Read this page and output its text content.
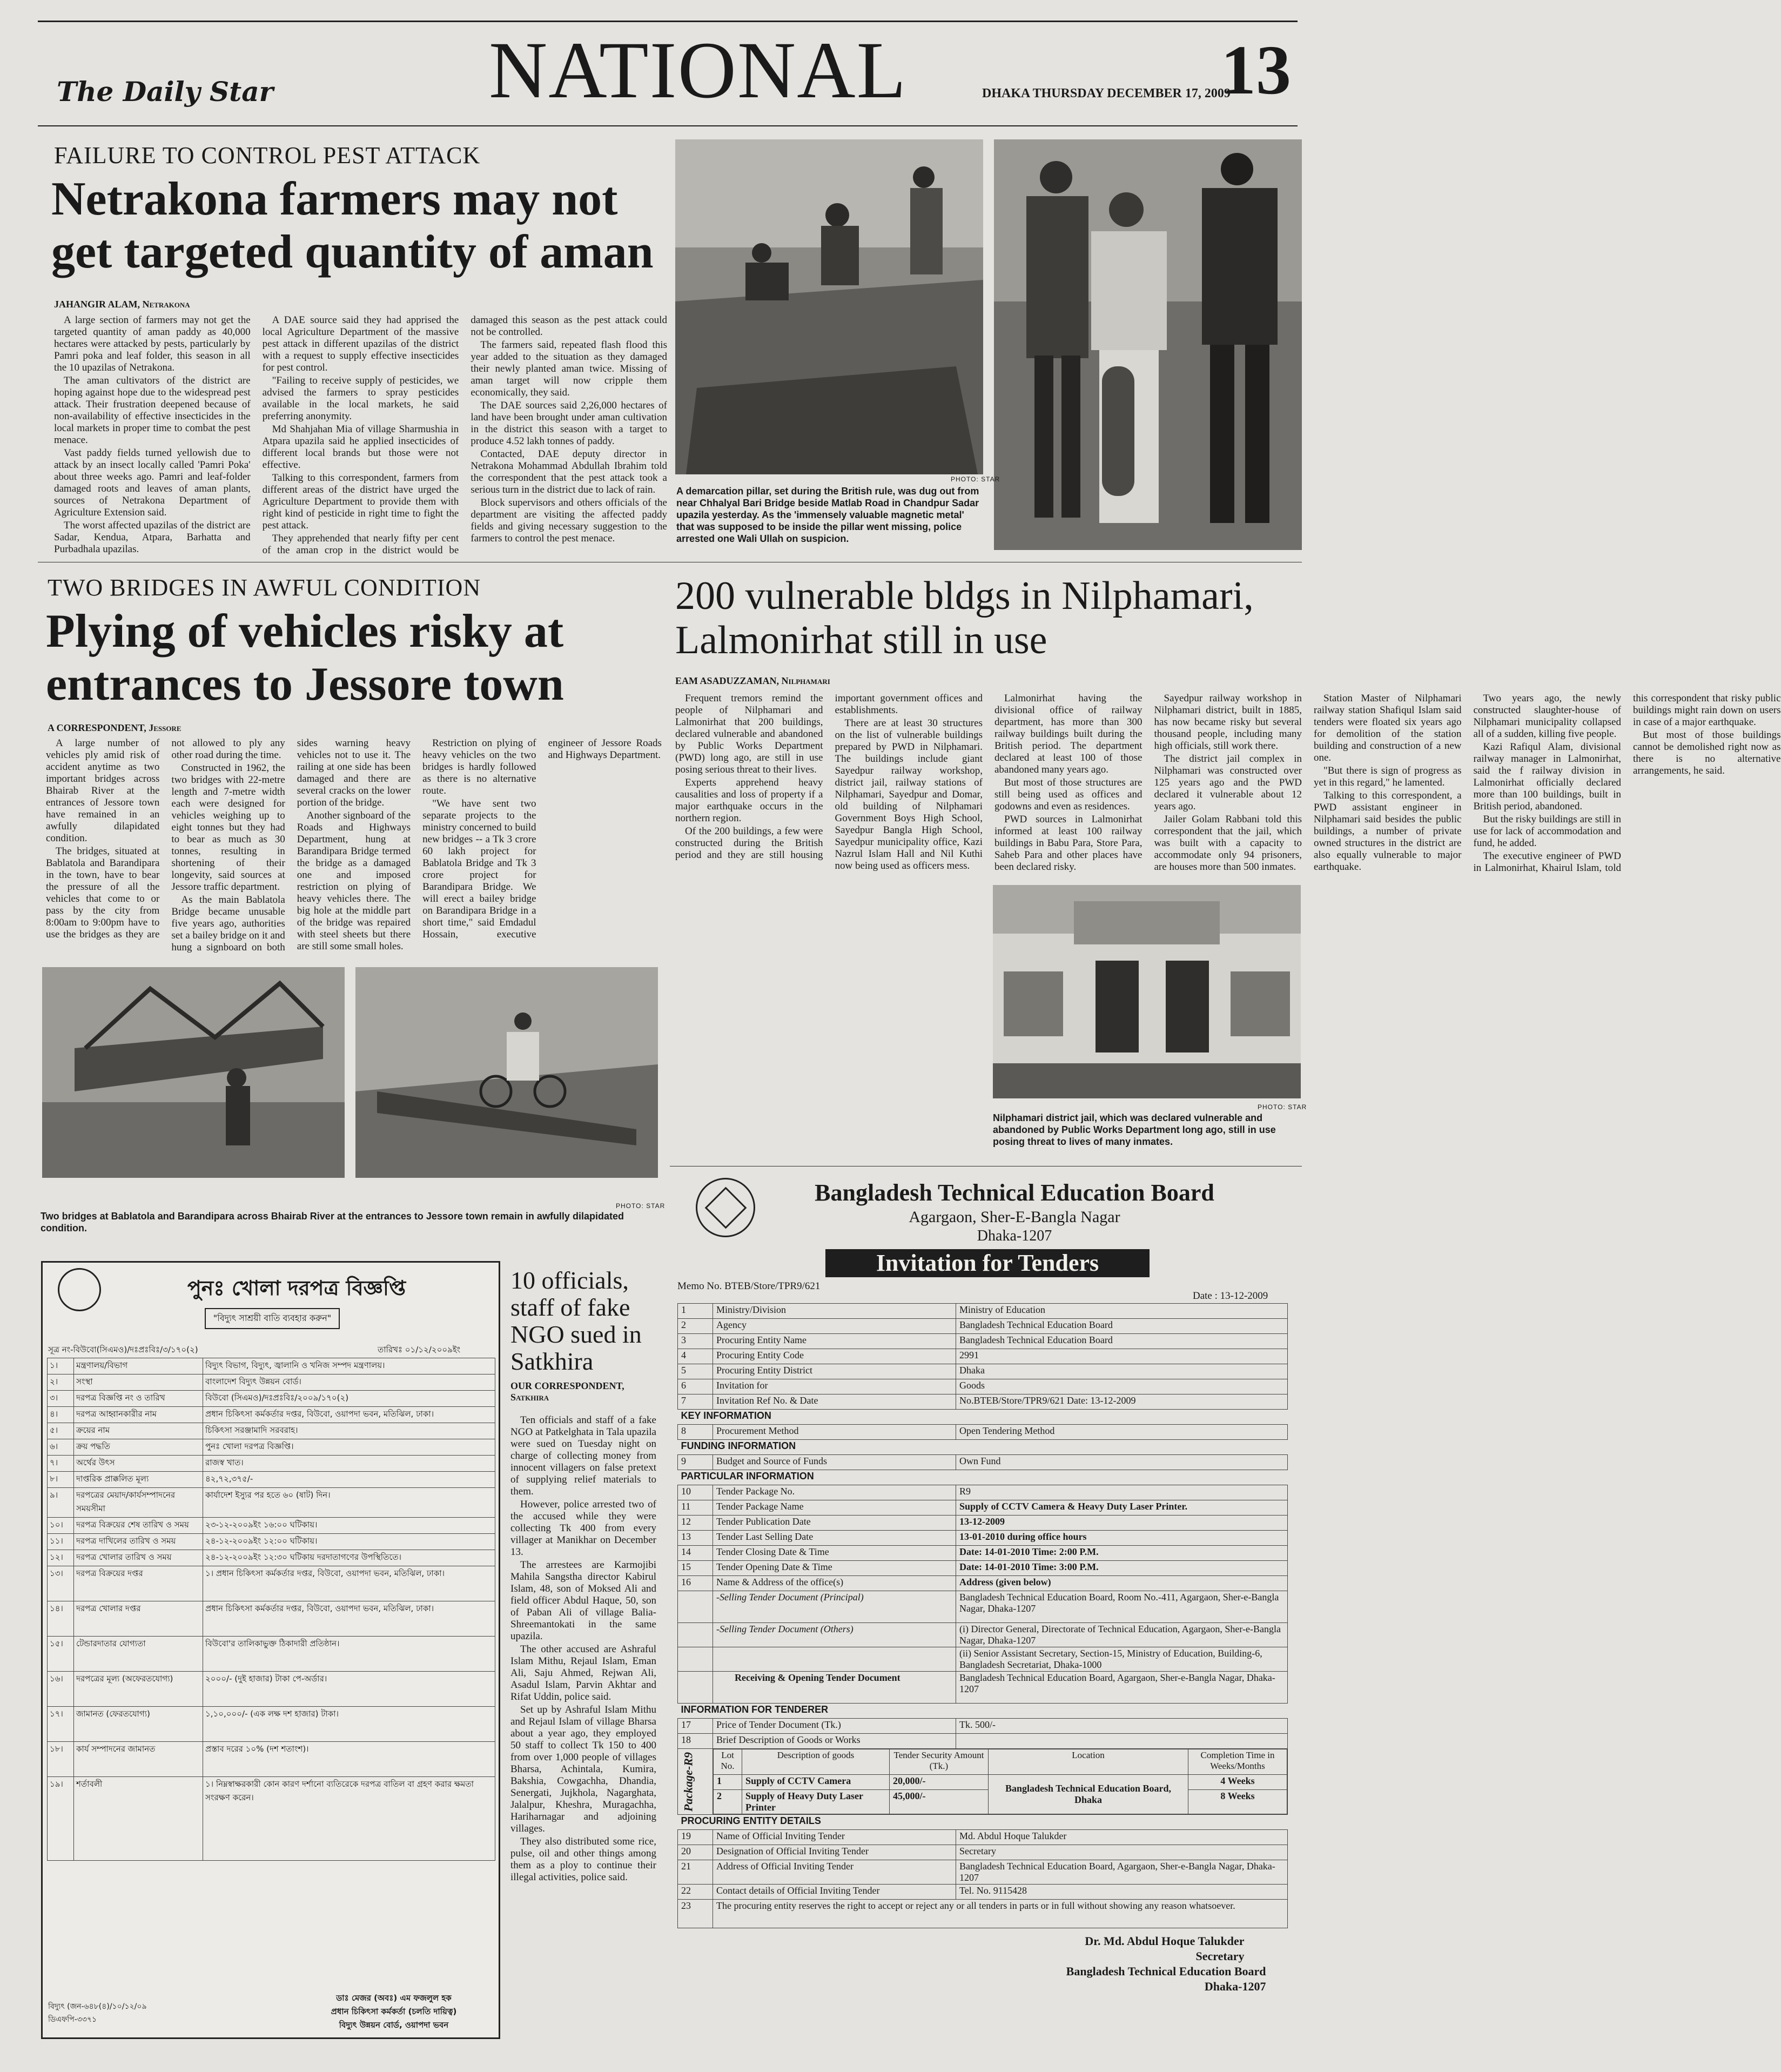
The Daily Star	NATIONAL	DHAKA THURSDAY DECEMBER 17, 2009
13
FAILURE TO CONTROL PEST ATTACK
Netrakona farmers may not get targeted quantity of aman
JAHANGIR ALAM, Netrakona

A large section of farmers may not get the targeted quantity of aman paddy as 40,000 hectares were attacked by pests, particularly by Pamri poka and leaf folder, this season in all the 10 upazilas of Netrakona.

The aman cultivators of the district are hoping against hope due to the widespread pest attack. Their frustration deepened because of non-availability of effective insecticides in the local markets in proper time to combat the pest menace.

Vast paddy fields turned yellowish due to attack by an insect locally called 'Pamri Poka' about three weeks ago. Pamri and leaf-folder damaged roots and leaves of aman plants, sources of Netrakona Department of Agriculture Extension said.

The worst affected upazilas of the district are Sadar, Kendua, Atpara, Barhatta and Purbadhala upazilas.

A DAE source said they had apprised the local Agriculture Department of the massive pest attack in different upazilas of the district with a request to supply effective insecticides for pest control.

"Failing to receive supply of pesticides, we advised the farmers to spray pesticides available in the local markets, he said preferring anonymity.

Md Shahjahan Mia of village Sharmushia in Atpara upazila said he applied insecticides of different local brands but those were not effective.

Talking to this correspondent, farmers from different areas of the district have urged the Agriculture Department to provide them with right kind of pesticide in right time to fight the pest attack.

They apprehended that nearly fifty per cent of the aman crop in the district would be damaged this season as the pest attack could not be controlled.

The farmers said, repeated flash flood this year added to the situation as they damaged their newly planted aman twice. Missing of aman target will now cripple them economically, they said.

The DAE sources said 2,26,000 hectares of land have been brought under aman cultivation in the district this season with a target to produce 4.52 lakh tonnes of paddy.

Contacted, DAE deputy director in Netrakona Mohammad Abdullah Ibrahim told the correspondent that the pest attack took a serious turn in the district due to lack of rain.

Block supervisors and others officials of the department are visiting the affected paddy fields and giving necessary suggestion to the farmers to control the pest menace.

PHOTO: STAR
A demarcation pillar, set during the British rule, was dug out from near Chhalyal Bari Bridge beside Matlab Road in Chandpur Sadar upazila yesterday. As the 'immensely valuable magnetic metal' that was supposed to be inside the pillar went missing, police arrested one Wali Ullah on suspicion.
TWO BRIDGES IN AWFUL CONDITION
Plying of vehicles risky at entrances to Jessore town
A CORRESPONDENT, Jessore

A large number of vehicles ply amid risk of accident anytime as two important bridges across Bhairab River at the entrances of Jessore town have remained in an awfully dilapidated condition.

The bridges, situated at Bablatola and Barandipara in the town, have to bear the pressure of all the vehicles that come to or pass by the city from 8:00am to 9:00pm have to use the bridges as they are not allowed to ply any other road during the time.

Constructed in 1962, the two bridges with 22-metre length and 7-metre width each were designed for vehicles weighing up to eight tonnes but they had to bear as much as 30 tonnes, resulting in shortening of their longevity, said sources at Jessore traffic department.

As the main Bablatola Bridge became unusable five years ago, authorities set a bailey bridge on it and hung a signboard on both sides warning heavy vehicles not to use it. The railing at one side has been damaged and there are several cracks on the lower portion of the bridge.

Another signboard of the Roads and Highways Department, hung at Barandipara Bridge termed the bridge as a damaged one and imposed restriction on plying of heavy vehicles there. The big hole at the middle part of the bridge was repaired with steel sheets but there are still some small holes.

Restriction on plying of heavy vehicles on the two bridges is hardly followed as there is no alternative route.

"We have sent two separate projects to the ministry concerned to build new bridges -- a Tk 3 crore 60 lakh project for Bablatola Bridge and Tk 3 crore project for Barandipara Bridge. We will erect a bailey bridge on Barandipara Bridge in a short time," said Emdadul Hossain, executive engineer of Jessore Roads and Highways Department.

PHOTO: STAR
Two bridges at Bablatola and Barandipara across Bhairab River at the entrances to Jessore town remain in awfully dilapidated condition.
200 vulnerable bldgs in Nilphamari, Lalmonirhat still in use
EAM ASADUZZAMAN, Nilphamari

Frequent tremors remind the people of Nilphamari and Lalmonirhat that 200 buildings, declared vulnerable and abandoned by Public Works Department (PWD) long ago, are still in use posing serious threat to their lives.

Experts apprehend heavy causalities and loss of property if a major earthquake occurs in the northern region.

Of the 200 buildings, a few were constructed during the British period and they are still housing important government offices and establishments.

There are at least 30 structures on the list of vulnerable buildings prepared by PWD in Nilphamari. The buildings include giant Sayedpur railway workshop, district jail, railway stations of Nilphamari, Sayedpur and Domar, old building of Nilphamari Government Boys High School, Sayedpur Bangla High School, Sayedpur municipality office, Kazi Nazrul Islam Hall and Nil Kuthi now being used as officers mess.

Lalmonirhat having the divisional office of railway department, has more than 300 railway buildings built during the British period. The department declared at least 100 of those abandoned many years ago.

But most of those structures are still being used as offices and godowns and even as residences.

PWD sources in Lalmonirhat informed at least 100 railway buildings in Babu Para, Store Para, Saheb Para and other places have been declared risky.

Sayedpur railway workshop in Nilphamari district, built in 1885, has now became risky but several thousand people, including many high officials, still work there.

The district jail complex in Nilphamari was constructed over 125 years ago and the PWD declared it vulnerable about 12 years ago.

Jailer Golam Rabbani told this correspondent that the jail, which was built with a capacity to accommodate only 94 prisoners, are houses more than 500 inmates.

Station Master of Nilphamari railway station Shafiqul Islam said tenders were floated six years ago for demolition of the station building and construction of a new one.

"But there is sign of progress as yet in this regard," he lamented.

Talking to this correspondent, a PWD assistant engineer in Nilphamari said besides the public buildings, a number of private owned structures in the district are also equally vulnerable to major earthquake.

Two years ago, the newly constructed slaughter-house of Nilphamari municipality collapsed all of a sudden, killing five people.

Kazi Rafiqul Alam, divisional railway manager in Lalmonirhat, said the f railway division in Lalmonirhat officially declared more than 100 buildings, built in British period, abandoned.

But the risky buildings are still in use for lack of accommodation and fund, he added.

The executive engineer of PWD in Lalmonirhat, Khairul Islam, told this correspondent that risky public buildings might rain down on users in case of a major earthquake.

But most of those buildings cannot be demolished right now as there is no alternative arrangements, he said.

PHOTO: STAR
Nilphamari district jail, which was declared vulnerable and abandoned by Public Works Department long ago, still in use posing threat to lives of many inmates.
পুনঃ খোলা দরপত্র বিজ্ঞপ্তি
"বিদ্যুৎ সাশ্রয়ী বাতি ব্যবহার করুন"
সূত্র নং-বিউবো(সিএমও)/দঃপ্রঃবিঃ/৩/১৭০(২)	তারিখঃ ০১/১২/২০০৯ইং
১।	মন্ত্রণালয়/বিভাগ	বিদ্যুৎ বিভাগ, বিদ্যুৎ, জ্বালানি ও খনিজ সম্পদ মন্ত্রণালয়।
২।	সংস্থা	বাংলাদেশ বিদ্যুৎ উন্নয়ন বোর্ড।
৩।	দরপত্র বিজ্ঞপ্তি নং ও তারিখ	বিউবো (সিএমও)/দঃপ্রঃবিঃ/২০০৯/১৭০(২)
৪।	দরপত্র আহ্বানকারীর নাম	প্রধান চিকিৎসা কর্মকর্তার দপ্তর, বিউবো, ওয়াপদা ভবন, মতিঝিল, ঢাকা।
৫।	ক্রয়ের নাম	চিকিৎসা সরঞ্জামাদি সরবরাহ।
৬।	ক্রয় পদ্ধতি	পুনঃ খোলা দরপত্র বিজ্ঞপ্তি।
৭।	অর্থের উৎস	রাজস্ব খাত।
৮।	দাপ্তরিক প্রাক্কলিত মূল্য	৪২,৭২,৩৭৫/-
৯।	দরপত্রের মেয়াদ/কার্যসম্পাদনের সময়সীমা	কার্যাদেশ ইস্যুর পর হতে ৬০ (ষাট) দিন।
১০।	দরপত্র বিক্রয়ের শেষ তারিখ ও সময়	২৩-১২-২০০৯ইং ১৬:০০ ঘটিকায়।
১১।	দরপত্র দাখিলের তারিখ ও সময়	২৪-১২-২০০৯ইং ১২:০০ ঘটিকায়।
১২।	দরপত্র খোলার তারিখ ও সময়	২৪-১২-২০০৯ইং ১২:৩০ ঘটিকায় দরদাতাগণের উপস্থিতিতে।
১৩।	দরপত্র বিক্রয়ের দপ্তর	১। প্রধান চিকিৎসা কর্মকর্তার দপ্তর, বিউবো, ওয়াপদা ভবন, মতিঝিল, ঢাকা।
১৪।	দরপত্র খোলার দপ্তর	প্রধান চিকিৎসা কর্মকর্তার দপ্তর, বিউবো, ওয়াপদা ভবন, মতিঝিল, ঢাকা।
১৫।	টেন্ডারদাতার যোগ্যতা	বিউবো'র তালিকাভুক্ত ঠিকাদারী প্রতিষ্ঠান।
১৬।	দরপত্রের মূল্য (অফেরতযোগ্য)	২০০০/- (দুই হাজার) টাকা পে-অর্ডার।
১৭।	জামানত (ফেরতযোগ্য)	১,১০,০০০/- (এক লক্ষ দশ হাজার) টাকা।
১৮।	কার্য সম্পাদনের জামানত	প্রস্তাব দরের ১০% (দশ শতাংশ)।
১৯।	শর্তাবলী	১। নিম্নস্বাক্ষরকারী কোন কারণ দর্শানো ব্যতিরেকে দরপত্র বাতিল বা গ্রহণ করার ক্ষমতা সংরক্ষণ করেন।
বিদ্যুৎ (জন-৬৪৮(৪)/১০/১২/০৯
ডিএফপি-৩৩৭১
ডাঃ মেজর (অবঃ) এম ফজলুল হক
প্রধান চিকিৎসা কর্মকর্তা (চলতি দায়িত্ব)
বিদ্যুৎ উন্নয়ন বোর্ড, ওয়াপদা ভবন
10 officials, staff of fake NGO sued in Satkhira
OUR CORRESPONDENT, Satkhira

Ten officials and staff of a fake NGO at Patkelghata in Tala upazila were sued on Tuesday night on charge of collecting money from innocent villagers on false pretext of supplying relief materials to them.

However, police arrested two of the accused while they were collecting Tk 400 from every villager at Manikhar on December 13.

The arrestees are Karmojibi Mahila Sangstha director Kabirul Islam, 48, son of Moksed Ali and field officer Abdul Haque, 50, son of Paban Ali of village Balia-Shreemantokati in the same upazila.

The other accused are Ashraful Islam Mithu, Rejaul Islam, Eman Ali, Saju Ahmed, Rejwan Ali, Asadul Islam, Parvin Akhtar and Rifat Uddin, police said.

Set up by Ashraful Islam Mithu and Rejaul Islam of village Bharsa about a year ago, they employed 50 staff to collect Tk 150 to 400 from over 1,000 people of villages Bharsa, Achintala, Kumira, Bakshia, Cowgachha, Dhandia, Senergati, Jujkhola, Nagarghata, Jalalpur, Kheshra, Muragachha, Hariharnagar and adjoining villages.

They also distributed some rice, pulse, oil and other things among them as a ploy to continue their illegal activities, police said.

Bangladesh Technical Education Board
Agargaon, Sher-E-Bangla Nagar
Dhaka-1207
Invitation for Tenders
Memo No. BTEB/Store/TPR9/621
Date : 13-12-2009
1	Ministry/Division	Ministry of Education
2	Agency	Bangladesh Technical Education Board
3	Procuring Entity Name	Bangladesh Technical Education Board
4	Procuring Entity Code	2991
5	Procuring Entity District	Dhaka
6	Invitation for	Goods
7	Invitation Ref No. & Date	No.BTEB/Store/TPR9/621 Date: 13-12-2009
KEY INFORMATION
8	Procurement Method	Open Tendering Method
FUNDING INFORMATION
9	Budget and Source of Funds	Own Fund
PARTICULAR INFORMATION
10	Tender Package No.	R9
11	Tender Package Name	Supply of CCTV Camera & Heavy Duty Laser Printer.
12	Tender Publication Date	13-12-2009
13	Tender Last Selling Date	13-01-2010 during office hours
14	Tender Closing Date & Time	Date: 14-01-2010 Time: 2:00 P.M.
15	Tender Opening Date & Time	Date: 14-01-2010 Time: 3:00 P.M.
16	Name & Address of the office(s)	Address (given below)
	-Selling Tender Document (Principal)	Bangladesh Technical Education Board, Room No.-411, Agargaon, Sher-e-Bangla Nagar, Dhaka-1207
	-Selling Tender Document (Others)	(i) Director General, Directorate of Technical Education, Agargaon, Sher-e-Bangla Nagar, Dhaka-1207
		(ii) Senior Assistant Secretary, Section-15, Ministry of Education, Building-6, Bangladesh Secretariat, Dhaka-1000
	Receiving & Opening Tender Document	Bangladesh Technical Education Board, Agargaon, Sher-e-Bangla Nagar, Dhaka-1207
INFORMATION FOR TENDERER
17	Price of Tender Document (Tk.)	Tk. 500/-
18	Brief Description of Goods or Works	
Package-R9		Lot No.	Description of goods	Tender Security Amount (Tk.)	Location	Completion Time in Weeks/Months
1	Supply of CCTV Camera	20,000/-	Bangladesh Technical Education Board, Dhaka	4 Weeks
2	Supply of Heavy Duty Laser Printer	45,000/-	8 Weeks

PROCURING ENTITY DETAILS
19	Name of Official Inviting Tender	Md. Abdul Hoque Talukder
20	Designation of Official Inviting Tender	Secretary
21	Address of Official Inviting Tender	Bangladesh Technical Education Board, Agargaon, Sher-e-Bangla Nagar, Dhaka-1207
22	Contact details of Official Inviting Tender	Tel. No. 9115428
23	The procuring entity reserves the right to accept or reject any or all tenders in parts or in full without showing any reason whatsoever.

Dr. Md. Abdul Hoque Talukder
Secretary
Bangladesh Technical Education Board
Dhaka-1207
